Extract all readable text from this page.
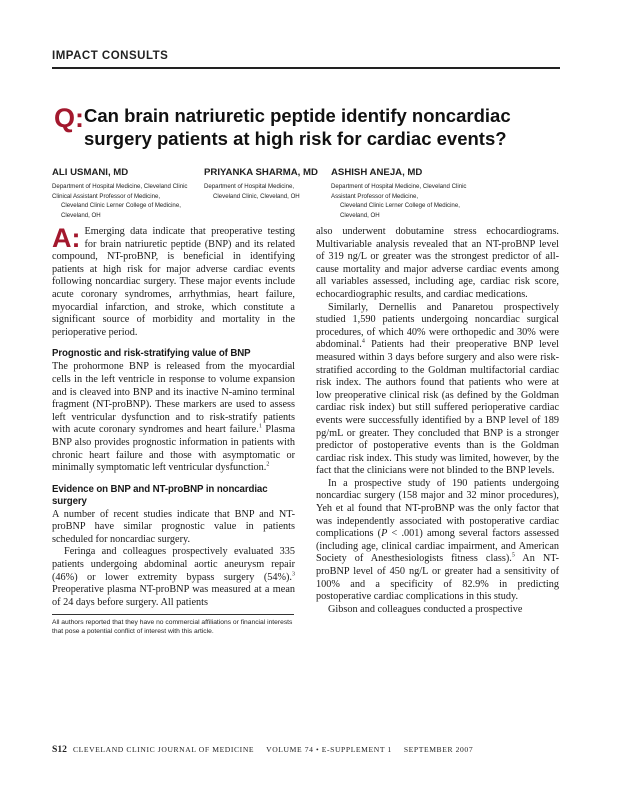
IMPACT CONSULTS
Q: Can brain natriuretic peptide identify noncardiac surgery patients at high risk for cardiac events?
ALI USMANI, MD
Department of Hospital Medicine, Cleveland Clinic
Clinical Assistant Professor of Medicine,
Cleveland Clinic Lerner College of Medicine,
Cleveland, OH
PRIYANKA SHARMA, MD
Department of Hospital Medicine,
Cleveland Clinic, Cleveland, OH
ASHISH ANEJA, MD
Department of Hospital Medicine, Cleveland Clinic
Assistant Professor of Medicine,
Cleveland Clinic Lerner College of Medicine,
Cleveland, OH

A: Emerging data indicate that preoperative testing for brain natriuretic peptide (BNP) and its related compound, NT-proBNP, is beneficial in identifying patients at high risk for major adverse cardiac events following noncardiac surgery. These major events include acute coronary syndromes, arrhythmias, heart failure, myocardial infarction, and stroke, which constitute a significant source of morbidity and mortality in the perioperative period.

Prognostic and risk-stratifying value of BNP

The prohormone BNP is released from the myocardial cells in the left ventricle in response to volume expansion and is cleaved into BNP and its inactive N-amino terminal fragment (NT-proBNP). These markers are used to assess left ventricular dysfunction and to risk-stratify patients with acute coronary syndromes and heart failure.$^1$ Plasma BNP also provides prognostic information in patients with chronic heart failure and those with asymptomatic or minimally symptomatic left ventricular dysfunction.$^2$

Evidence on BNP and NT-proBNP in noncardiac surgery

A number of recent studies indicate that BNP and NT-proBNP have similar prognostic value in patients scheduled for noncardiac surgery.

Feringa and colleagues prospectively evaluated 335 patients undergoing abdominal aortic aneurysm repair (46%) or lower extremity bypass surgery (54%).$^3$ Preoperative plasma NT-proBNP was measured at a mean of 24 days before surgery. All patients

also underwent dobutamine stress echocardiograms. Multivariable analysis revealed that an NT-proBNP level of 319 ng/L or greater was the strongest predictor of all-cause mortality and major adverse cardiac events among all variables assessed, including age, cardiac risk score, echocardiographic results, and cardiac medications.

Similarly, Dernellis and Panaretou prospectively studied 1,590 patients undergoing noncardiac surgical procedures, of which 40% were orthopedic and 30% were abdominal.$^4$ Patients had their preoperative BNP level measured within 3 days before surgery and also were risk-stratified according to the Goldman multifactorial cardiac risk index. The authors found that patients who were at low preoperative clinical risk (as defined by the Goldman cardiac risk index) but still suffered perioperative cardiac events were successfully identified by a BNP level of 189 pg/mL or greater. They concluded that BNP is a stronger predictor of postoperative events than is the Goldman cardiac risk index. This study was limited, however, by the fact that the clinicians were not blinded to the BNP levels.

In a prospective study of 190 patients undergoing noncardiac surgery (158 major and 32 minor procedures), Yeh et al found that NT-proBNP was the only factor that was independently associated with postoperative cardiac complications (P < .001) among several factors assessed (including age, clinical cardiac impairment, and American Society of Anesthesiologists fitness class).$^5$ An NT-proBNP level of 450 ng/L or greater had a sensitivity of 100% and a specificity of 82.9% in predicting postoperative cardiac complications in this study.

Gibson and colleagues conducted a prospective

All authors reported that they have no commercial affiliations or financial interests that pose a potential conflict of interest with this article.
S12 CLEVELAND CLINIC JOURNAL OF MEDICINE VOLUME 74 • E-SUPPLEMENT 1 SEPTEMBER 2007
